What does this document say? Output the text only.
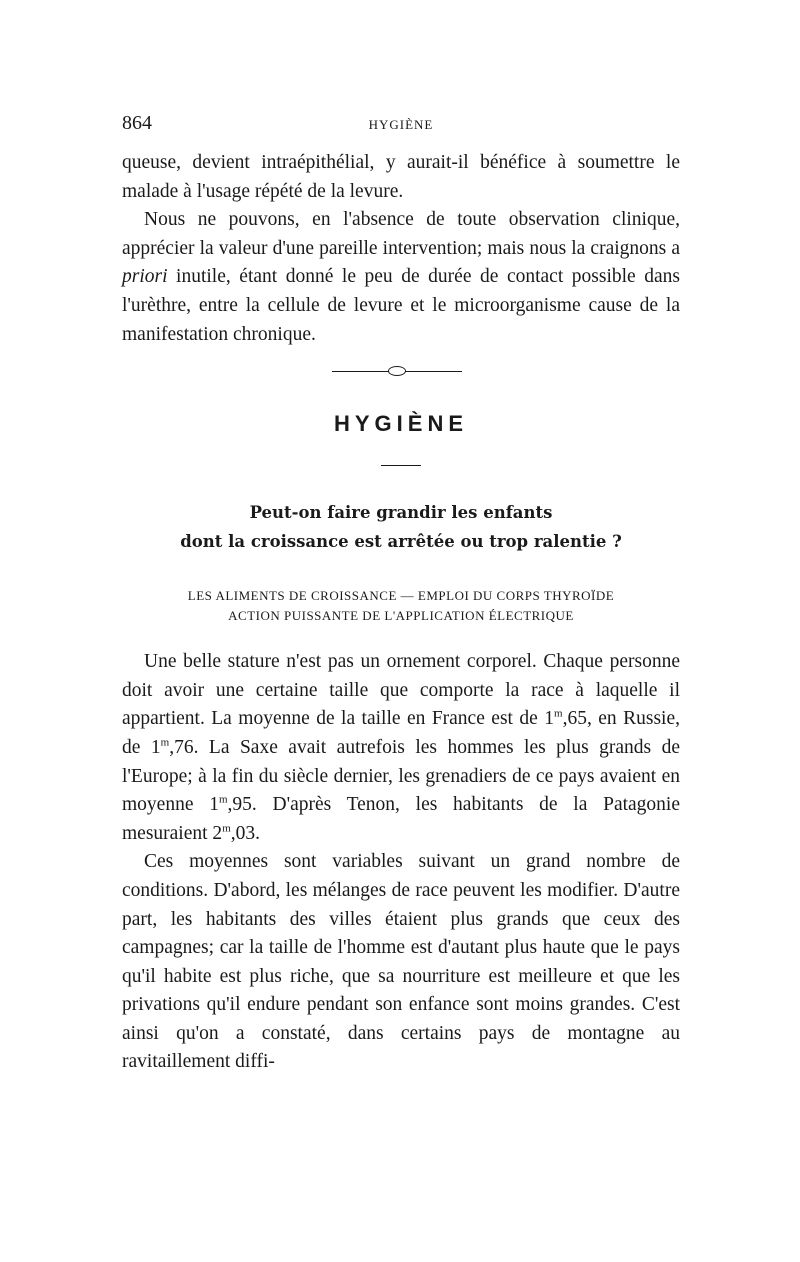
864	HYGIÈNE

queuse, devient intraépithélial, y aurait-il bénéfice à soumettre le malade à l'usage répété de la levure.

Nous ne pouvons, en l'absence de toute observation clinique, apprécier la valeur d'une pareille intervention; mais nous la craignons a priori inutile, étant donné le peu de durée de contact possible dans l'urèthre, entre la cellule de levure et le microorganisme cause de la manifestation chronique.

HYGIÈNE
Peut-on faire grandir les enfants
dont la croissance est arrêtée ou trop ralentie ?
LES ALIMENTS DE CROISSANCE — EMPLOI DU CORPS THYROÏDE
ACTION PUISSANTE DE L'APPLICATION ÉLECTRIQUE

Une belle stature n'est pas un ornement corporel. Chaque personne doit avoir une certaine taille que comporte la race à laquelle il appartient. La moyenne de la taille en France est de 1$^m$,65, en Russie, de 1$^m$,76. La Saxe avait autrefois les hommes les plus grands de l'Europe; à la fin du siècle dernier, les grenadiers de ce pays avaient en moyenne 1$^m$,95. D'après Tenon, les habitants de la Patagonie mesuraient 2$^m$,03.

Ces moyennes sont variables suivant un grand nombre de conditions. D'abord, les mélanges de race peuvent les modifier. D'autre part, les habitants des villes étaient plus grands que ceux des campagnes; car la taille de l'homme est d'autant plus haute que le pays qu'il habite est plus riche, que sa nourriture est meilleure et que les privations qu'il endure pendant son enfance sont moins grandes. C'est ainsi qu'on a constaté, dans certains pays de montagne au ravitaillement diffi-
